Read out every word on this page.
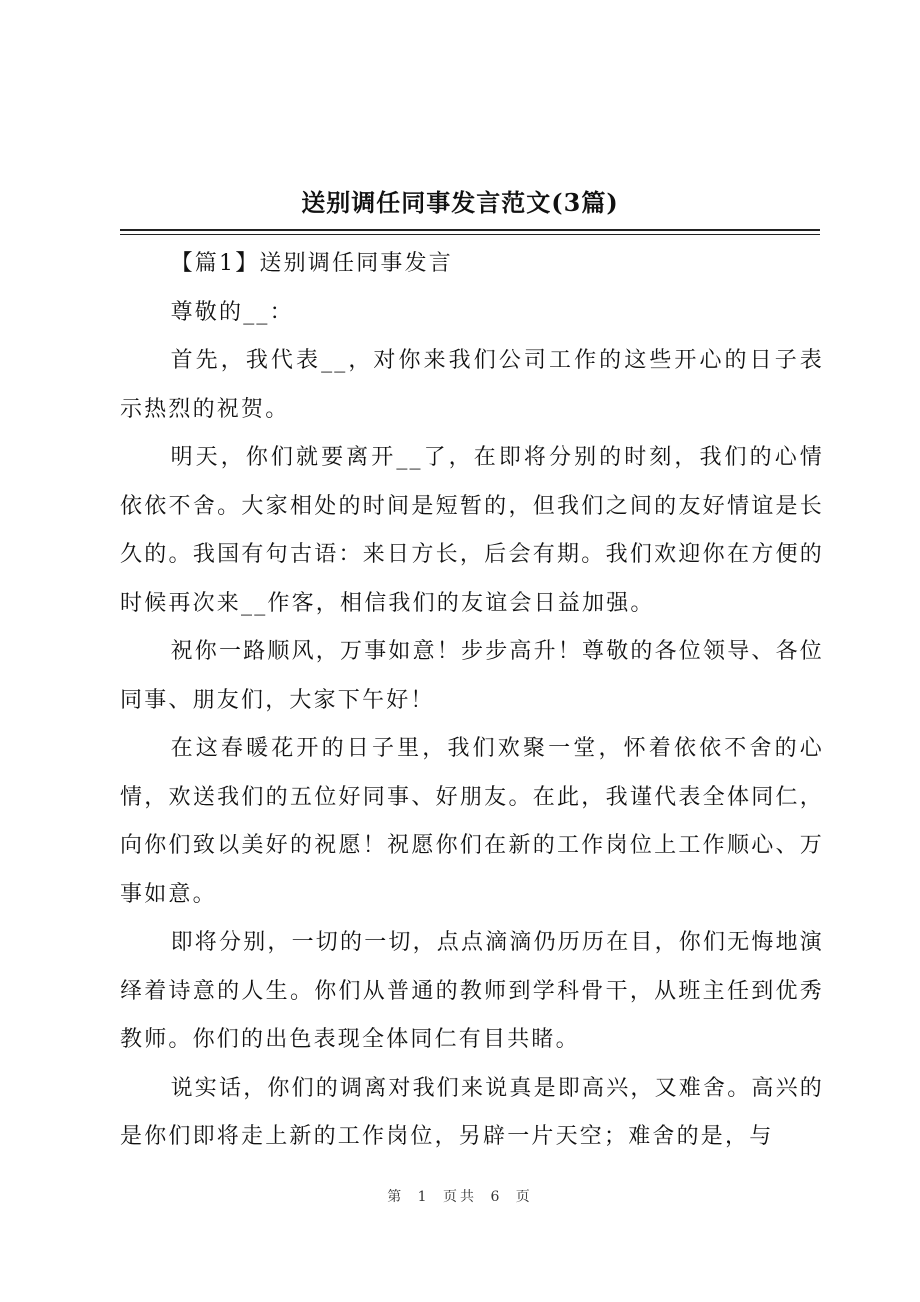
送别调任同事发言范文(3篇)

【篇1】送别调任同事发言

尊敬的__：

首先，我代表__，对你来我们公司工作的这些开心的日子表示热烈的祝贺。

明天，你们就要离开__了，在即将分别的时刻，我们的心情依依不舍。大家相处的时间是短暂的，但我们之间的友好情谊是长久的。我国有句古语：来日方长，后会有期。我们欢迎你在方便的时候再次来__作客，相信我们的友谊会日益加强。

祝你一路顺风，万事如意！步步高升！尊敬的各位领导、各位同事、朋友们，大家下午好！

在这春暖花开的日子里，我们欢聚一堂，怀着依依不舍的心情，欢送我们的五位好同事、好朋友。在此，我谨代表全体同仁，向你们致以美好的祝愿！祝愿你们在新的工作岗位上工作顺心、万事如意。

即将分别，一切的一切，点点滴滴仍历历在目，你们无悔地演绎着诗意的人生。你们从普通的教师到学科骨干，从班主任到优秀教师。你们的出色表现全体同仁有目共睹。

说实话，你们的调离对我们来说真是即高兴，又难舍。高兴的是你们即将走上新的工作岗位，另辟一片天空；难舍的是，与

第 1 页共 6 页
